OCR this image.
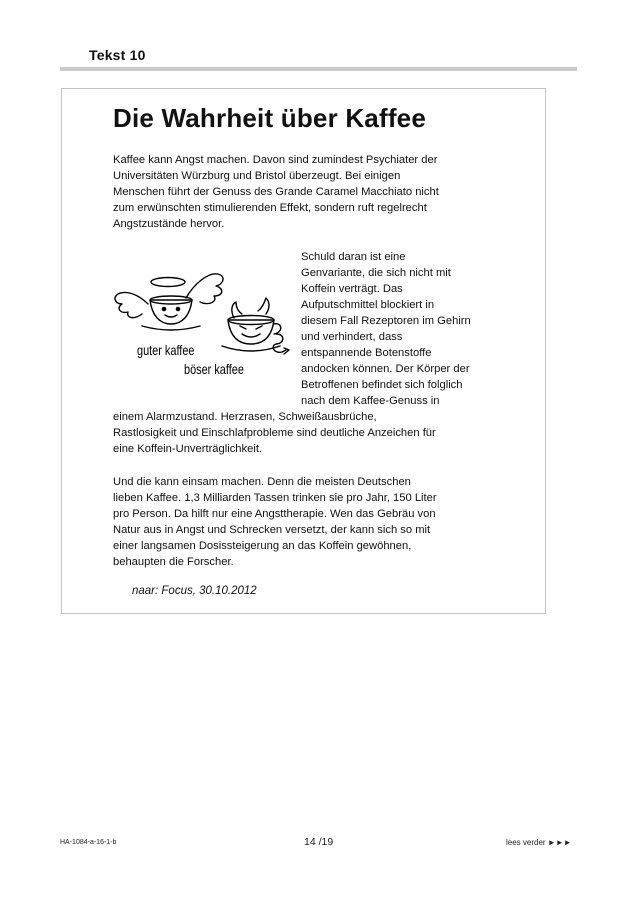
Tekst 10
Die Wahrheit über Kaffee

Kaffee kann Angst machen. Davon sind zumindest Psychiater der
Universitäten Würzburg und Bristol überzeugt. Bei einigen
Menschen führt der Genuss des Grande Caramel Macchiato nicht
zum erwünschten stimulierenden Effekt, sondern ruft regelrecht
Angstzustände hervor.

guter kaffee
böser kaffee

Schuld daran ist eine
Genvariante, die sich nicht mit
Koffein verträgt. Das
Aufputschmittel blockiert in
diesem Fall Rezeptoren im Gehirn
und verhindert, dass
entspannende Botenstoffe
andocken können. Der Körper der
Betroffenen befindet sich folglich
nach dem Kaffee-Genuss in

einem Alarmzustand. Herzrasen, Schweißausbrüche,
Rastlosigkeit und Einschlafprobleme sind deutliche Anzeichen für
eine Koffein-Unverträglichkeit.

Und die kann einsam machen. Denn die meisten Deutschen
lieben Kaffee. 1,3 Milliarden Tassen trinken sie pro Jahr, 150 Liter
pro Person. Da hilft nur eine Angsttherapie. Wen das Gebräu von
Natur aus in Angst und Schrecken versetzt, der kann sich so mit
einer langsamen Dosissteigerung an das Koffein gewöhnen,
behaupten die Forscher.

naar: Focus, 30.10.2012

HA-1084-a-16-1-b	14 /19	lees verder ►►►
